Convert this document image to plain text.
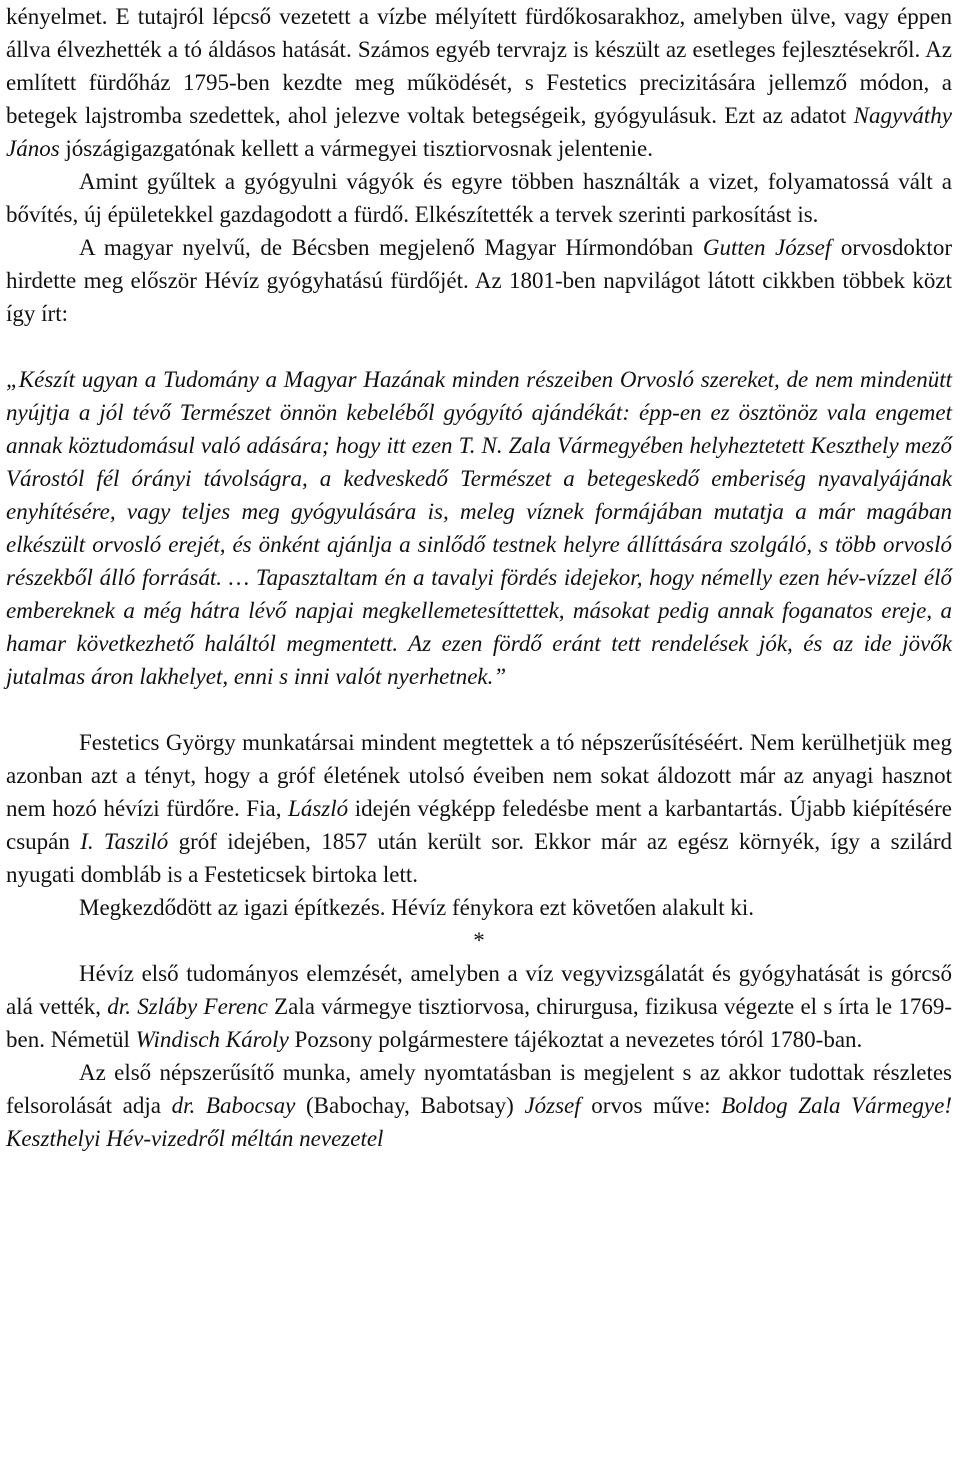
kényelmet. E tutajról lépcső vezetett a vízbe mélyített fürdőkosarakhoz, amelyben ülve, vagy éppen állva élvezhették a tó áldásos hatását. Számos egyéb tervrajz is készült az esetleges fejlesztésekről. Az említett fürdőház 1795-ben kezdte meg működését, s Festetics precizitására jellemző módon, a betegek lajstromba szedettek, ahol jelezve voltak betegségeik, gyógyulásuk. Ezt az adatot Nagyváthy János jószágigazgatónak kellett a vármegyei tisztiorvosnak jelentenie.

Amint gyűltek a gyógyulni vágyók és egyre többen használták a vizet, folyamatossá vált a bővítés, új épületekkel gazdagodott a fürdő. Elkészítették a tervek szerinti parkosítást is.

A magyar nyelvű, de Bécsben megjelenő Magyar Hírmondóban Gutten József orvosdoktor hirdette meg először Hévíz gyógyhatású fürdőjét. Az 1801-ben napvilágot látott cikkben többek közt így írt:

„Készít ugyan a Tudomány a Magyar Hazának minden részeiben Orvosló szereket, de nem mindenütt nyújtja a jól tévő Természet önnön kebeléből gyógyító ajándékát: épp-en ez ösztönöz vala engemet annak köztudomásul való adására; hogy itt ezen T. N. Zala Vármegyében helyheztetett Keszthely mező Várostól fél órányi távolságra, a kedveskedő Természet a betegeskedő emberiség nyavalyájának enyhítésére, vagy teljes meg gyógyulására is, meleg víznek formájában mutatja a már magában elkészült orvosló erejét, és önként ajánlja a sinlődő testnek helyre állíttására szolgáló, s több orvosló részekből álló forrását. … Tapasztaltam én a tavalyi fördés idejekor, hogy némelly ezen hév-vízzel élő embereknek a még hátra lévő napjai megkellemetesíttettek, másokat pedig annak foganatos ereje, a hamar következhető haláltól megmentett. Az ezen fördő eránt tett rendelések jók, és az ide jövők jutalmas áron lakhelyet, enni s inni valót nyerhetnek.”

Festetics György munkatársai mindent megtettek a tó népszerűsítéséért. Nem kerülhetjük meg azonban azt a tényt, hogy a gróf életének utolsó éveiben nem sokat áldozott már az anyagi hasznot nem hozó hévízi fürdőre. Fia, László idején végképp feledésbe ment a karbantartás. Újabb kiépítésére csupán I. Tasziló gróf idejében, 1857 után került sor. Ekkor már az egész környék, így a szilárd nyugati dombláb is a Festeticsek birtoka lett.

Megkezdődött az igazi építkezés. Hévíz fénykora ezt követően alakult ki.

*

Hévíz első tudományos elemzését, amelyben a víz vegyvizsgálatát és gyógyhatását is górcső alá vették, dr. Szláby Ferenc Zala vármegye tisztiorvosa, chirurgusa, fizikusa végezte el s írta le 1769-ben. Németül Windisch Károly Pozsony polgármestere tájékoztat a nevezetes tóról 1780-ban.

Az első népszerűsítő munka, amely nyomtatásban is megjelent s az akkor tudottak részletes felsorolását adja dr. Babocsay (Babochay, Babotsay) József orvos műve: Boldog Zala Vármegye! Keszthelyi Hév-vizedről méltán nevezetel
